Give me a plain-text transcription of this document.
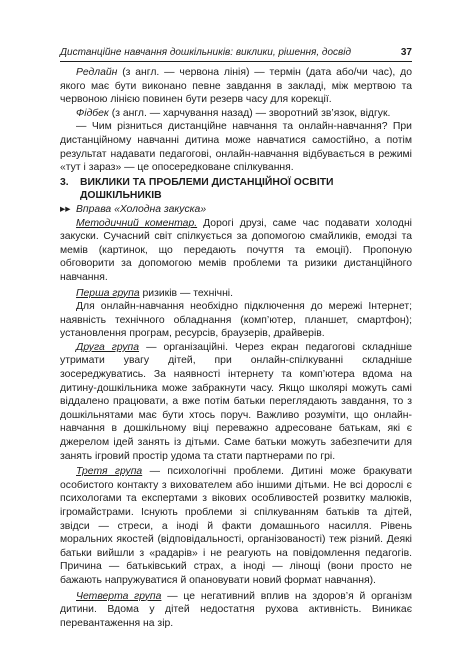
Дистанційне навчання дошкільників: виклики, рішення, досвід	37

Редлайн (з англ. — червона лінія) — термін (дата або/чи час), до якого має бути виконано певне завдання в закладі, між мертвою та червоною лінією повинен бути резерв часу для корекції.

Фідбек (з англ. — харчування назад) — зворотний зв’язок, відгук.

— Чим різниться дистанційне навчання та онлайн-навчання? При дистанційному навчанні дитина може навчатися самостійно, а потім результат надавати педагогові, онлайн-навчання відбувається в режимі «тут і зараз» — це опосередковане спілкування.

3. ВИКЛИКИ ТА ПРОБЛЕМИ ДИСТАНЦІЙНОЇ ОСВІТИ
ДОШКІЛЬНИКІВ
▸▸ Вправа «Холодна закуска»

Методичний коментар. Дорогі друзі, саме час подавати холодні закуски. Сучасний світ спілкується за допомогою смайликів, емодзі та мемів (картинок, що передають почуття та емоції). Пропоную обговорити за допомогою мемів проблеми та ризики дистанційного навчання.

Перша група ризиків — технічні.

Для онлайн-навчання необхідно підключення до мережі Інтернет; наявність технічного обладнання (комп’ютер, планшет, смартфон); установлення програм, ресурсів, браузерів, драйверів.

Друга група — організаційні. Через екран педагогові складніше утримати увагу дітей, при онлайн-спілкуванні складніше зосереджуватись. За наявності інтернету та комп’ютера вдома на дитину-дошкільника може забракнути часу. Якщо школярі можуть самі віддалено працювати, а вже потім батьки переглядають завдання, то з дошкільнятами має бути хтось поруч. Важливо розуміти, що онлайн-навчання в дошкільному віці переважно адресоване батькам, які є джерелом ідей занять із дітьми. Саме батьки можуть забезпечити для занять ігровий простір удома та стати партнерами по грі.

Третя група — психологічні проблеми. Дитині може бракувати особистого контакту з вихователем або іншими дітьми. Не всі дорослі є психологами та експертами з вікових особливостей розвитку малюків, ігромайстрами. Існують проблеми зі спілкуванням батьків та дітей, звідси — стреси, а іноді й факти домашнього насилля. Рівень моральних якостей (відповідальності, організованості) теж різний. Деякі батьки вийшли з «радарів» і не реагують на повідомлення педагогів. Причина — батьківський страх, а іноді — лінощі (вони просто не бажають напружуватися й опановувати новий формат навчання).

Четверта група — це негативний вплив на здоров’я й організм дитини. Вдома у дітей недостатня рухова активність. Виникає перевантаження на зір.
